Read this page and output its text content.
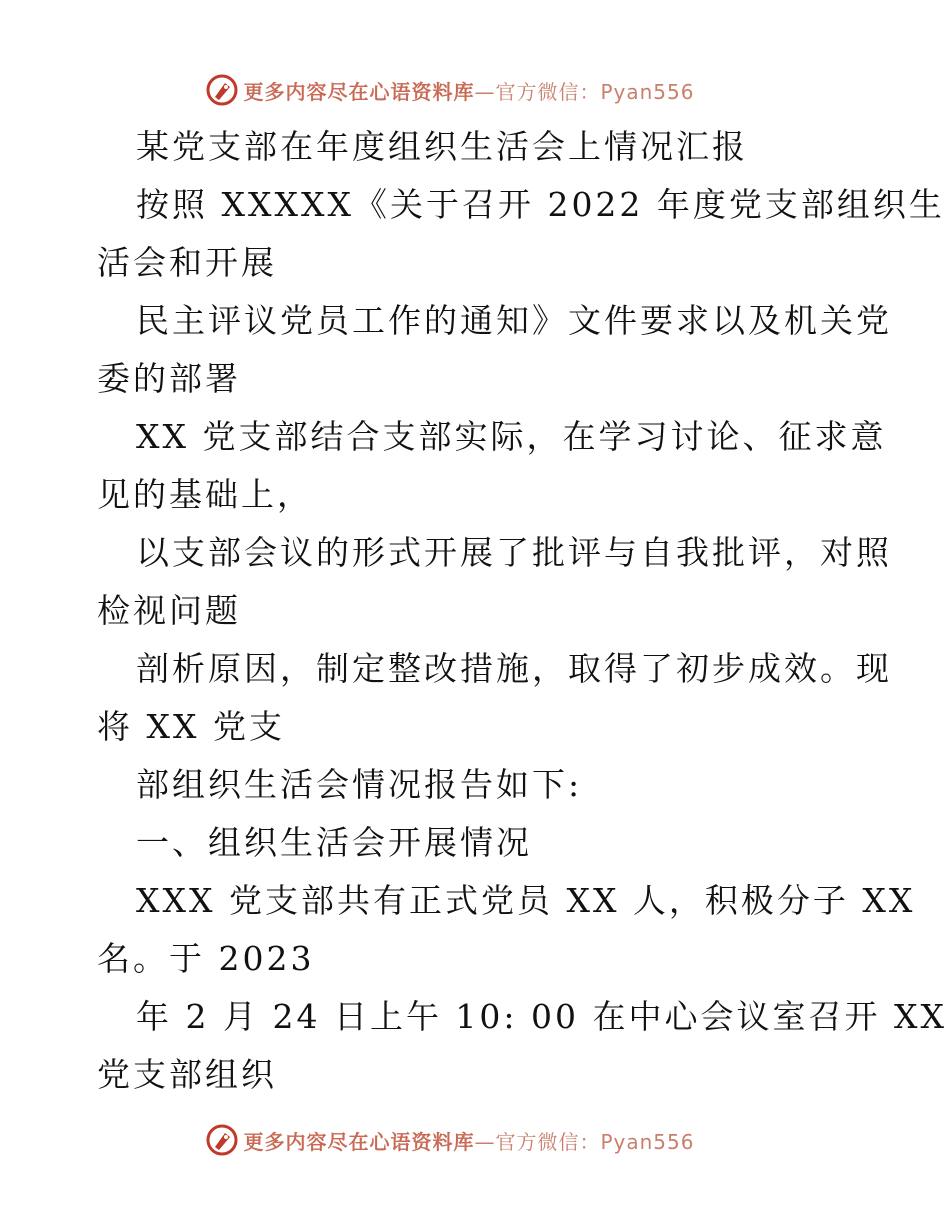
更多内容尽在心语资料库—官方微信：Pyan556
某党支部在年度组织生活会上情况汇报
按照 XXXXX《关于召开 2022 年度党支部组织生
活会和开展
民主评议党员工作的通知》文件要求以及机关党
委的部署
XX 党支部结合支部实际，在学习讨论、征求意
见的基础上，
以支部会议的形式开展了批评与自我批评，对照
检视问题
剖析原因，制定整改措施，取得了初步成效。现
将 XX 党支
部组织生活会情况报告如下:
一、组织生活会开展情况
XXX 党支部共有正式党员 XX 人，积极分子 XX
名。于 2023
年 2 月 24 日上午 10: 00 在中心会议室召开 XX
党支部组织
更多内容尽在心语资料库—官方微信：Pyan556
